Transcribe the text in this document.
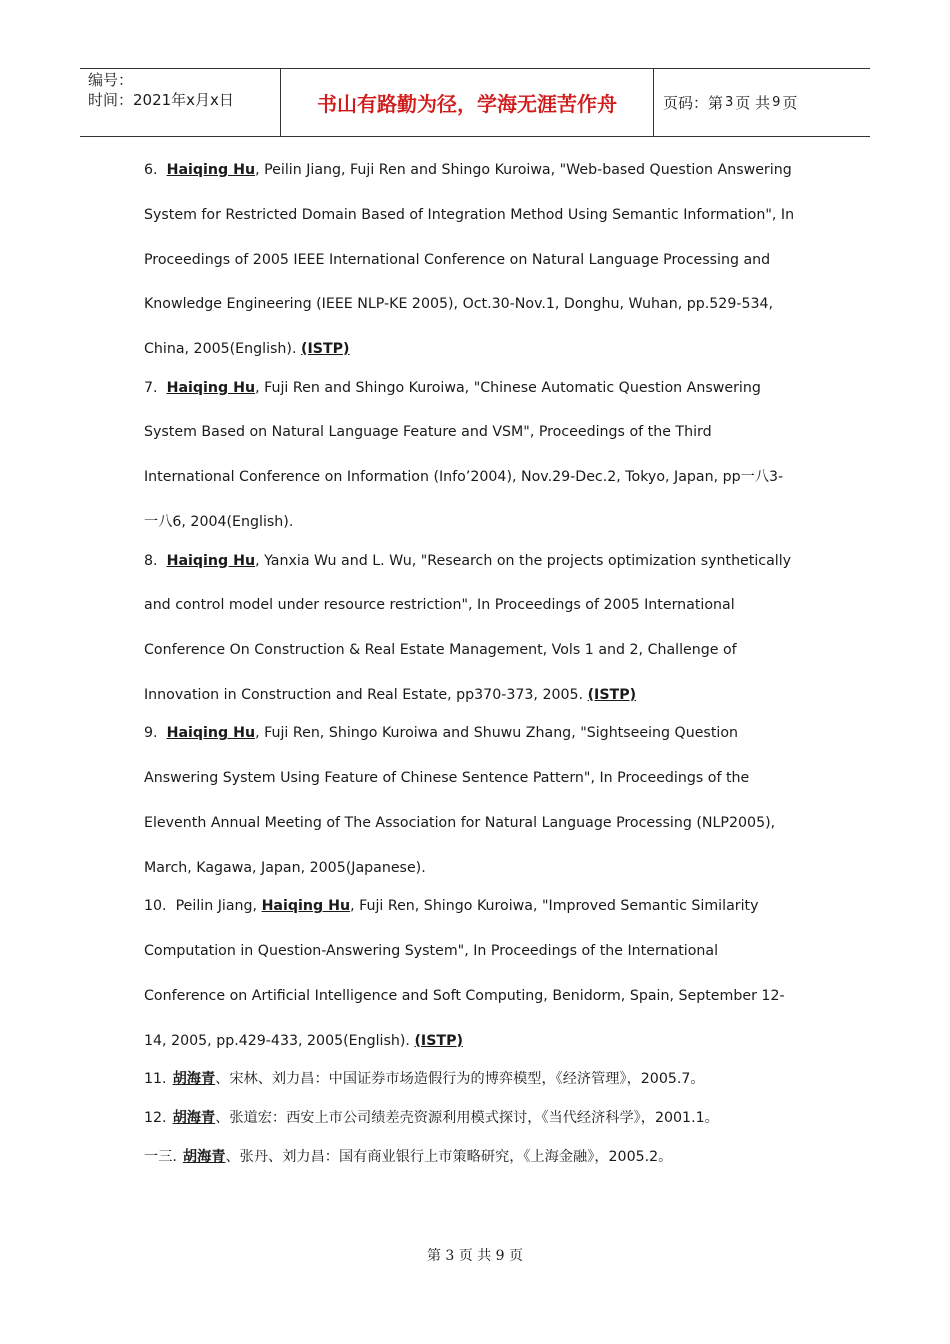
编号：
时间：2021年x月x日	书山有路勤为径，学海无涯苦作舟	页码：第 3 页 共 9 页

6. Haiqing Hu, Peilin Jiang, Fuji Ren and Shingo Kuroiwa, "Web-based Question Answering

System for Restricted Domain Based of Integration Method Using Semantic Information", In

Proceedings of 2005 IEEE International Conference on Natural Language Processing and

Knowledge Engineering (IEEE NLP-KE 2005), Oct.30-Nov.1, Donghu, Wuhan, pp.529-534,

China, 2005(English). (ISTP)

7. Haiqing Hu, Fuji Ren and Shingo Kuroiwa, "Chinese Automatic Question Answering

System Based on Natural Language Feature and VSM", Proceedings of the Third

International Conference on Information (Info’2004), Nov.29-Dec.2, Tokyo, Japan, pp一八3-

一八6, 2004(English).

8. Haiqing Hu, Yanxia Wu and L. Wu, "Research on the projects optimization synthetically

and control model under resource restriction", In Proceedings of 2005 International

Conference On Construction & Real Estate Management, Vols 1 and 2, Challenge of

Innovation in Construction and Real Estate, pp370-373, 2005. (ISTP)

9. Haiqing Hu, Fuji Ren, Shingo Kuroiwa and Shuwu Zhang, "Sightseeing Question

Answering System Using Feature of Chinese Sentence Pattern", In Proceedings of the

Eleventh Annual Meeting of The Association for Natural Language Processing (NLP2005),

March, Kagawa, Japan, 2005(Japanese).

10. Peilin Jiang, Haiqing Hu, Fuji Ren, Shingo Kuroiwa, "Improved Semantic Similarity

Computation in Question-Answering System", In Proceedings of the International

Conference on Artificial Intelligence and Soft Computing, Benidorm, Spain, September 12-

14, 2005, pp.429-433, 2005(English). (ISTP)

11. 胡海青、宋林、刘力昌：中国证券市场造假行为的博弈模型，《经济管理》，2005.7。
12. 胡海青、张道宏：西安上市公司绩差壳资源利用模式探讨，《当代经济科学》，2001.1。
一三. 胡海青、张丹、刘力昌：国有商业银行上市策略研究，《上海金融》，2005.2。
第 3 页 共 9 页
